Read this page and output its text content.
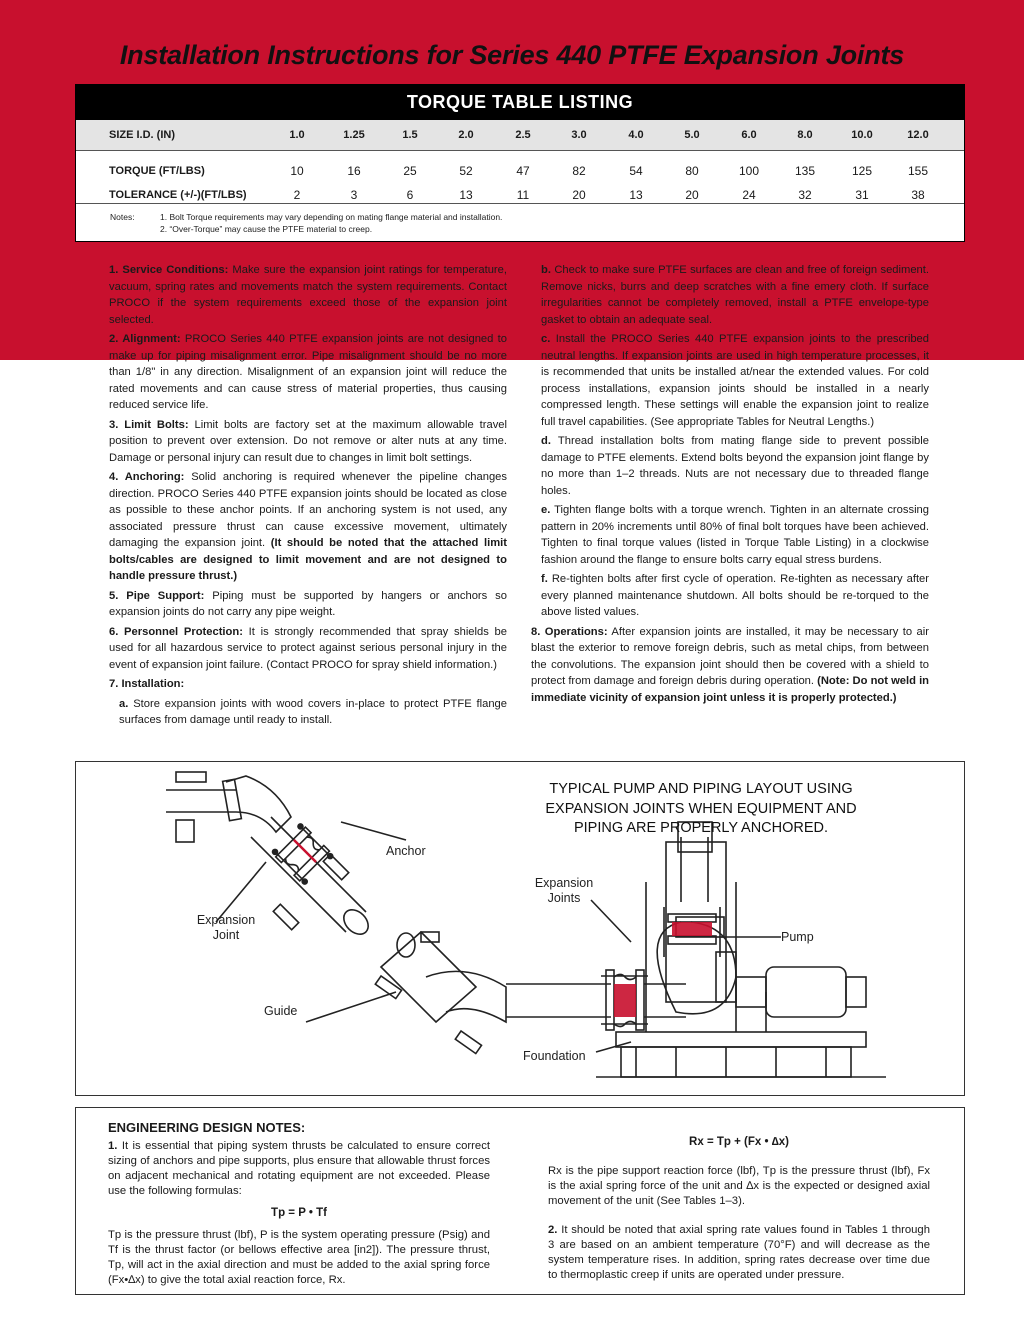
Installation Instructions for Series 440 PTFE Expansion Joints
TORQUE TABLE LISTING
SIZE I.D. (IN)	1.0	1.25	1.5	2.0	2.5	3.0	4.0	5.0	6.0	8.0	10.0	12.0
TORQUE (FT/LBS)	10	16	25	52	47	82	54	80	100	135	125	155
TOLERANCE (+/-)(FT/LBS)	2	3	6	13	11	20	13	20	24	32	31	38
Notes:	1. Bolt Torque requirements may vary depending on mating flange material and installation.
2. “Over-Torque” may cause the PTFE material to creep.

1. Service Conditions: Make sure the expansion joint ratings for temperature, vacuum, spring rates and movements match the system requirements. Contact PROCO if the system requirements exceed those of the expansion joint selected.

2. Alignment: PROCO Series 440 PTFE expansion joints are not designed to make up for piping misalignment error. Pipe misalignment should be no more than 1/8" in any direction. Misalignment of an expansion joint will reduce the rated movements and can cause stress of material properties, thus causing reduced service life.

3. Limit Bolts: Limit bolts are factory set at the maximum allowable travel position to prevent over extension. Do not remove or alter nuts at any time. Damage or personal injury can result due to changes in limit bolt settings.

4. Anchoring: Solid anchoring is required whenever the pipeline changes direction. PROCO Series 440 PTFE expansion joints should be located as close as possible to these anchor points. If an anchoring system is not used, any associated pressure thrust can cause excessive movement, ultimately damaging the expansion joint. (It should be noted that the attached limit bolts/cables are designed to limit movement and are not designed to handle pressure thrust.)

5. Pipe Support: Piping must be supported by hangers or anchors so expansion joints do not carry any pipe weight.

6. Personnel Protection: It is strongly recommended that spray shields be used for all hazardous service to protect against serious personal injury in the event of expansion joint failure. (Contact PROCO for spray shield information.)

7. Installation:

a. Store expansion joints with wood covers in-place to protect PTFE flange surfaces from damage until ready to install.

b. Check to make sure PTFE surfaces are clean and free of foreign sediment. Remove nicks, burrs and deep scratches with a fine emery cloth. If surface irregularities cannot be completely removed, install a PTFE envelope-type gasket to obtain an adequate seal.

c. Install the PROCO Series 440 PTFE expansion joints to the prescribed neutral lengths. If expansion joints are used in high temperature processes, it is recommended that units be installed at/near the extended values. For cold process installations, expansion joints should be installed in a nearly compressed length. These settings will enable the expansion joint to realize full travel capabilities. (See appropriate Tables for Neutral Lengths.)

d. Thread installation bolts from mating flange side to prevent possible damage to PTFE elements. Extend bolts beyond the expansion joint flange by no more than 1–2 threads. Nuts are not necessary due to threaded flange holes.

e. Tighten flange bolts with a torque wrench. Tighten in an alternate crossing pattern in 20% increments until 80% of final bolt torques have been achieved. Tighten to final torque values (listed in Torque Table Listing) in a clockwise fashion around the flange to ensure bolts carry equal stress burdens.

f. Re-tighten bolts after first cycle of operation. Re-tighten as necessary after every planned maintenance shutdown. All bolts should be re-torqued to the above listed values.

8. Operations: After expansion joints are installed, it may be necessary to air blast the exterior to remove foreign debris, such as metal chips, from between the convolutions. The expansion joint should then be covered with a shield to protect from damage and foreign debris during operation. (Note: Do not weld in immediate vicinity of expansion joint unless it is properly protected.)

TYPICAL PUMP AND PIPING LAYOUT USING
EXPANSION JOINTS WHEN EQUIPMENT AND
PIPING ARE PROPERLY ANCHORED.
Anchor
Expansion
Joint
Expansion
Joints
Pump
Guide
Foundation
ENGINEERING DESIGN NOTES:

1. It is essential that piping system thrusts be calculated to ensure correct sizing of anchors and pipe supports, plus ensure that allowable thrust forces on adjacent mechanical and rotating equipment are not exceeded. Please use the following formulas:

Tp = P • Tf

Tp is the pressure thrust (lbf), P is the system operating pressure (Psig) and Tf is the thrust factor (or bellows effective area [in2]). The pressure thrust, Tp, will act in the axial direction and must be added to the axial spring force (Fx•∆x) to give the total axial reaction force, Rx.

Rx = Tp + (Fx • ∆x)

Rx is the pipe support reaction force (lbf), Tp is the pressure thrust (lbf), Fx is the axial spring force of the unit and ∆x is the expected or designed axial movement of the unit (See Tables 1–3).

2. It should be noted that axial spring rate values found in Tables 1 through 3 are based on an ambient temperature (70°F) and will decrease as the system temperature rises. In addition, spring rates decrease over time due to thermoplastic creep if units are operated under pressure.
